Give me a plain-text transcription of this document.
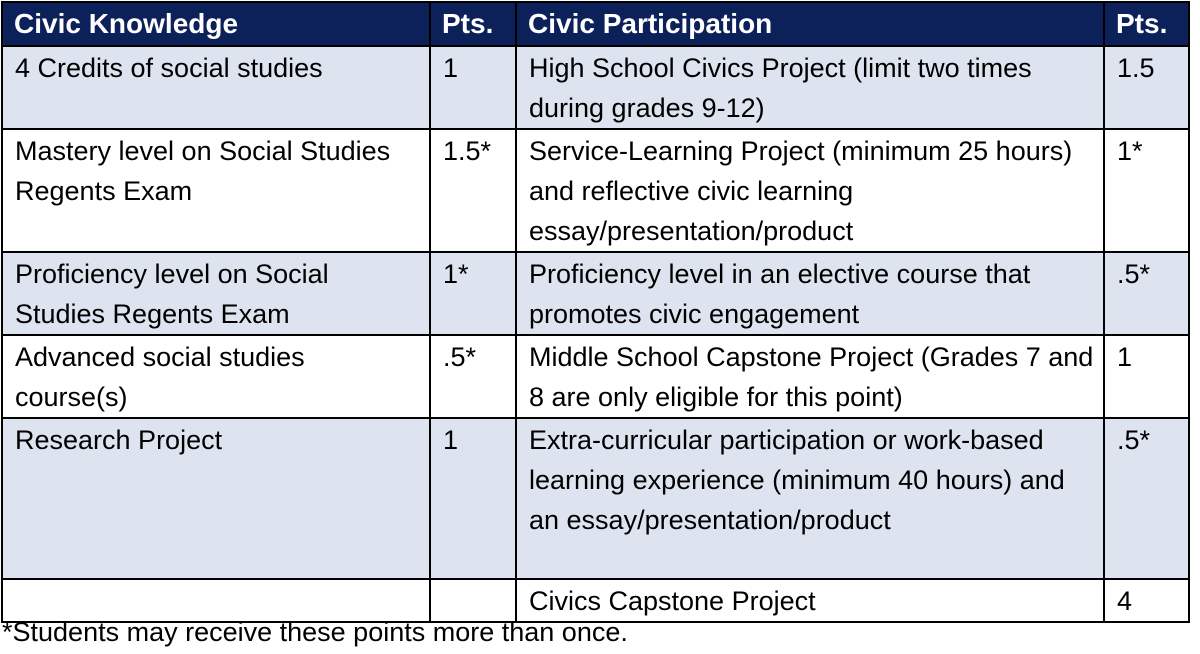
Civic Knowledge	Pts.	Civic Participation	Pts.
4 Credits of social studies	1	High School Civics Project (limit two times during grades 9-12)	1.5
Mastery level on Social Studies Regents Exam	1.5*	Service-Learning Project (minimum 25 hours) and reflective civic learning essay/presentation/product	1*
Proficiency level on Social Studies Regents Exam	1*	Proficiency level in an elective course that promotes civic engagement	.5*
Advanced social studies course(s)	.5*	Middle School Capstone Project (Grades 7 and 8 are only eligible for this point)	1
Research Project	1	Extra-curricular participation or work-based learning experience (minimum 40 hours) and an essay/presentation/product	.5*
		Civics Capstone Project	4
*Students may receive these points more than once.
